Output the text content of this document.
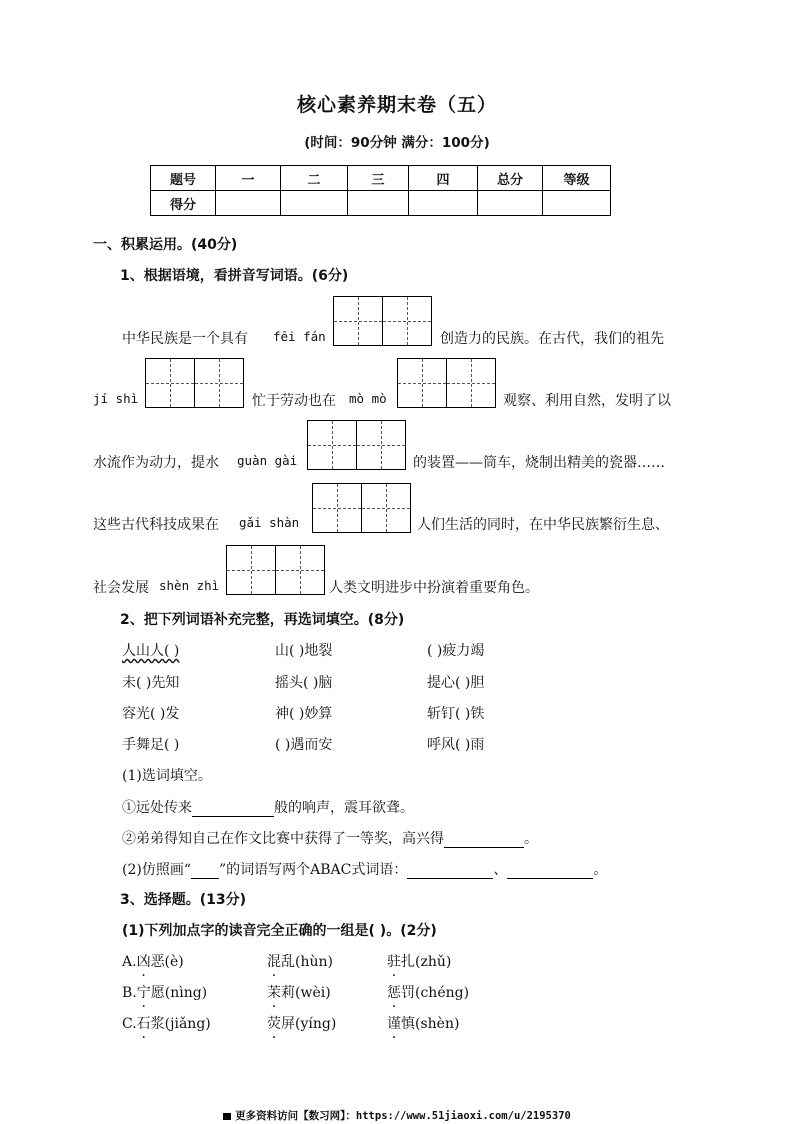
核心素养期末卷（五）
(时间：90分钟 满分：100分)
题号	一	二	三	四	总分	等级
得分						
一、积累运用。(40分)
1、根据语境，看拼音写词语。(6分)
中华民族是一个具有 fēi fán	创造力的民族。在古代，我们的祖先
jí shì	忙于劳动也在 mò mò	观察、利用自然，发明了以
水流作为动力，提水 guàn gài	的装置——筒车，烧制出精美的瓷器……
这些古代科技成果在 gǎi shàn	人们生活的同时，在中华民族繁衍生息、
社会发展 shèn zhì	人类文明进步中扮演着重要角色。
2、把下列词语补充完整，再选词填空。(8分)
人山人( )	山( )地裂	( )疲力竭
未( )先知	摇头( )脑	提心( )胆
容光( )发	神( )妙算	斩钉( )铁
手舞足( )	( )遇而安	呼风( )雨
(1)选词填空。
①远处传来	般的响声，震耳欲聋。
②弟弟得知自己在作文比赛中获得了一等奖，高兴得	。
(2)仿照画“ ”的词语写两个ABAC式词语：	、	。
3、选择题。(13分)
(1)下列加点字的读音完全正确的一组是( )。(2分)
A.凶恶(è)	混乱(hùn)	驻扎(zhǔ)
B.宁愿(nìng)	茉莉(wèi)	惩罚(chéng)
C.石浆(jiǎng)	荧屏(yíng)	谨慎(shèn)
更多资料访问【数习网】：https://www.51jiaoxi.com/u/2195370
